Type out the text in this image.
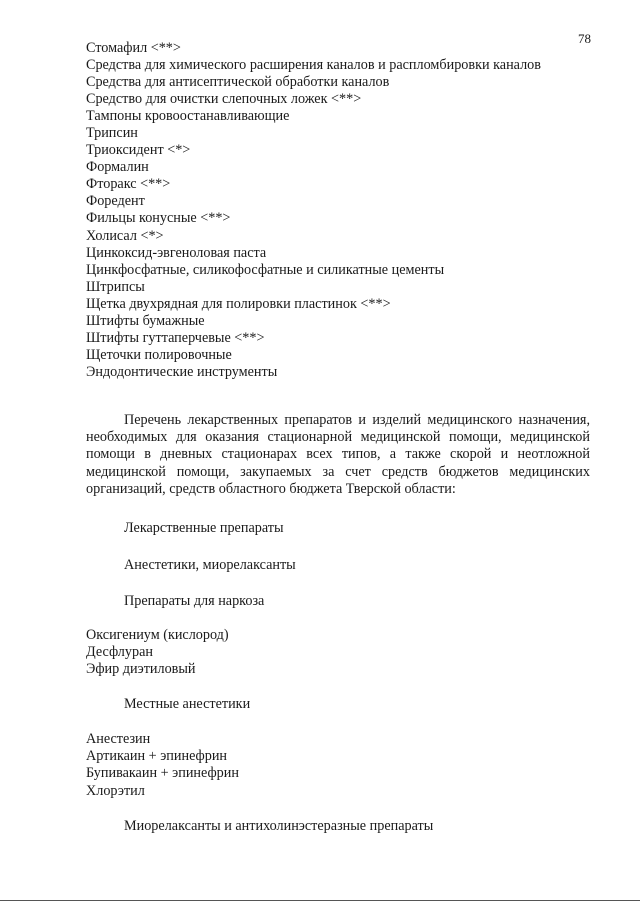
78
Стомафил <**>
Средства для химического расширения каналов и распломбировки каналов
Средства для антисептической обработки каналов
Средство для очистки слепочных ложек <**>
Тампоны кровоостанавливающие
Трипсин
Триоксидент <*>
Формалин
Фторакс <**>
Форедент
Фильцы конусные <**>
Холисал <*>
Цинкоксид-эвгеноловая паста
Цинкфосфатные, силикофосфатные и силикатные цементы
Штрипсы
Щетка двухрядная для полировки пластинок <**>
Штифты бумажные
Штифты гуттаперчевые <**>
Щеточки полировочные
Эндодонтические инструменты
Перечень лекарственных препаратов и изделий медицинского назначения, необходимых для оказания стационарной медицинской помощи, медицинской помощи в дневных стационарах всех типов, а также скорой и неотложной медицинской помощи, закупаемых за счет средств бюджетов медицинских организаций, средств областного бюджета Тверской области:
Лекарственные препараты
Анестетики, миорелаксанты
Препараты для наркоза
Оксигениум (кислород)
Десфлуран
Эфир диэтиловый
Местные анестетики
Анестезин
Артикаин + эпинефрин
Бупивакаин + эпинефрин
Хлорэтил
Миорелаксанты и антихолинэстеразные препараты
